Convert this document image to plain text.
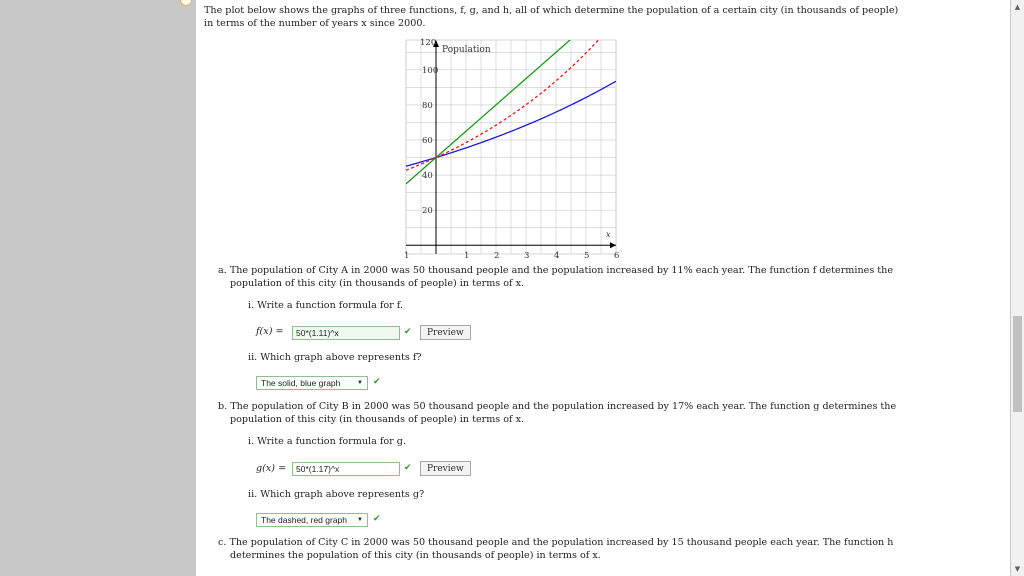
The plot below shows the graphs of three functions, f, g, and h, all of which determine the population of a certain city (in thousands of people)
in terms of the number of years x since 2000.
100
80
60
40
20
120
1	1	2	3	4	5	6
Population
x
a. The population of City A in 2000 was 50 thousand people and the population increased by 11% each year. The function f determines the
population of this city (in thousands of people) in terms of x.
i. Write a function formula for f.
f(x) =	50*(1.11)^x	✔	Preview
ii. Which graph above represents f?
The solid, blue graph	▼ ✔
b. The population of City B in 2000 was 50 thousand people and the population increased by 17% each year. The function g determines the
population of this city (in thousands of people) in terms of x.
i. Write a function formula for g.
g(x) =	50*(1.17)^x	✔	Preview
ii. Which graph above represents g?
The dashed, red graph ▼ ✔
c. The population of City C in 2000 was 50 thousand people and the population increased by 15 thousand people each year. The function h
determines the population of this city (in thousands of people) in terms of x.
▲
▼
